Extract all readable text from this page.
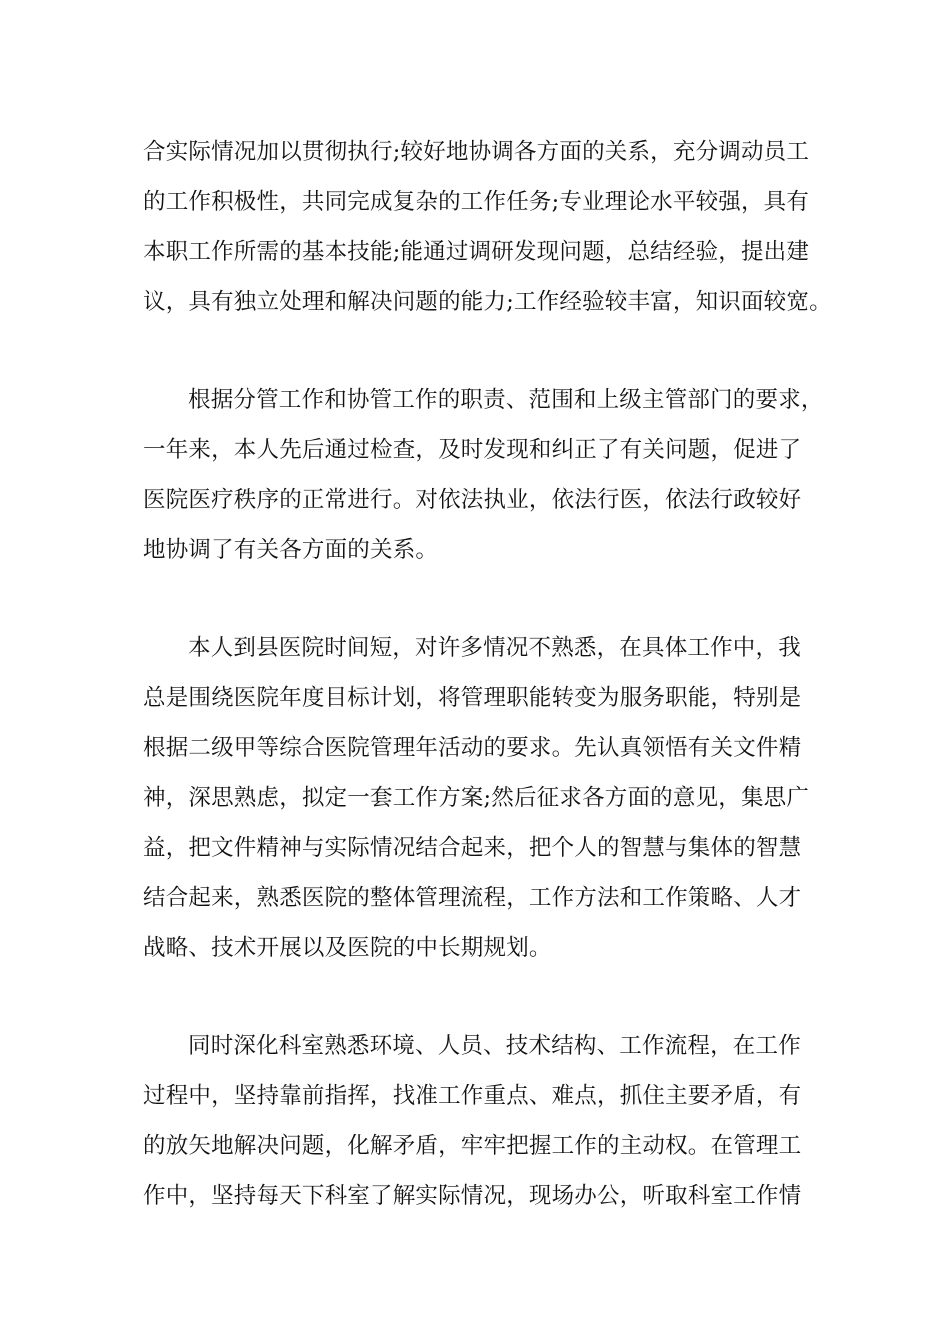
合实际情况加以贯彻执行;较好地协调各方面的关系，充分调动员工
的工作积极性，共同完成复杂的工作任务;专业理论水平较强，具有
本职工作所需的基本技能;能通过调研发现问题，总结经验，提出建
议，具有独立处理和解决问题的能力;工作经验较丰富，知识面较宽。

根据分管工作和协管工作的职责、范围和上级主管部门的要求，
一年来，本人先后通过检查，及时发现和纠正了有关问题，促进了
医院医疗秩序的正常进行。对依法执业，依法行医，依法行政较好
地协调了有关各方面的关系。

本人到县医院时间短，对许多情况不熟悉，在具体工作中，我
总是围绕医院年度目标计划，将管理职能转变为服务职能，特别是
根据二级甲等综合医院管理年活动的要求。先认真领悟有关文件精
神，深思熟虑，拟定一套工作方案;然后征求各方面的意见，集思广
益，把文件精神与实际情况结合起来，把个人的智慧与集体的智慧
结合起来，熟悉医院的整体管理流程，工作方法和工作策略、人才
战略、技术开展以及医院的中长期规划。

同时深化科室熟悉环境、人员、技术结构、工作流程，在工作
过程中，坚持靠前指挥，找准工作重点、难点，抓住主要矛盾，有
的放矢地解决问题，化解矛盾，牢牢把握工作的主动权。在管理工
作中，坚持每天下科室了解实际情况，现场办公，听取科室工作情
